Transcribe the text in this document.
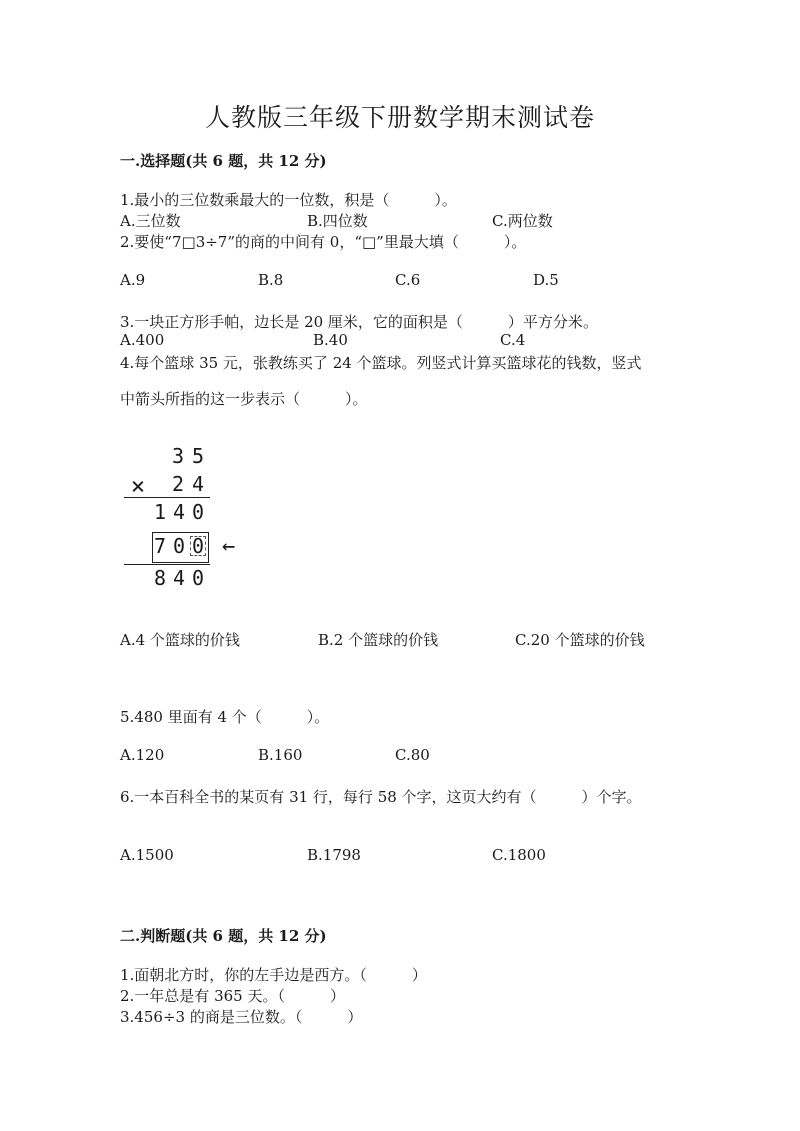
人教版三年级下册数学期末测试卷
一.选择题(共 6 题，共 12 分)
1.最小的三位数乘最大的一位数，积是（　　　）。
A.三位数	B.四位数	C.两位数
2.要使“7□3÷7”的商的中间有 0，“□”里最大填（　　　）。
A.9	B.8	C.6	D.5
3.一块正方形手帕，边长是 20 厘米，它的面积是（　　　）平方分米。
A.400	B.40	C.4
4.每个篮球 35 元，张教练买了 24 个篮球。列竖式计算买篮球花的钱数，竖式
中箭头所指的这一步表示（　　　）。
3 5
× 2 4
1 4 0
7 0 0 ←
8 4 0
A.4 个篮球的价钱	B.2 个篮球的价钱	C.20 个篮球的价钱
5.480 里面有 4 个（　　　）。
A.120	B.160	C.80
6.一本百科全书的某页有 31 行，每行 58 个字，这页大约有（　　　）个字。
A.1500	B.1798	C.1800
二.判断题(共 6 题，共 12 分)
1.面朝北方时，你的左手边是西方。（　　　）
2.一年总是有 365 天。（　　　）
3.456÷3 的商是三位数。（　　　）
